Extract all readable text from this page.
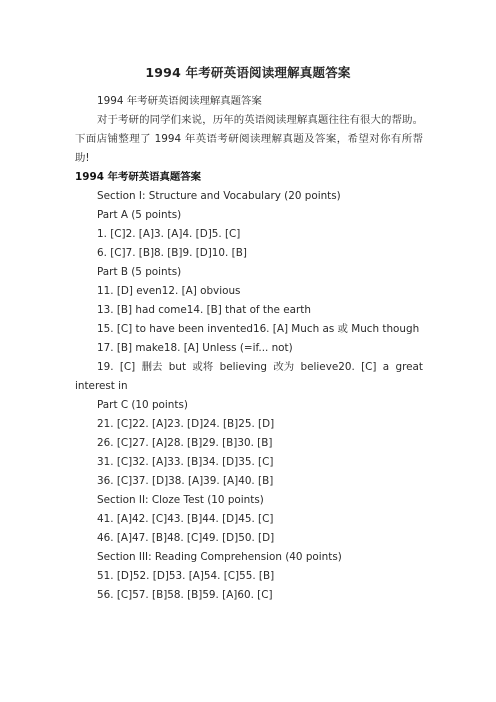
1994 年考研英语阅读理解真题答案
1994 年考研英语阅读理解真题答案

对于考研的同学们来说，历年的英语阅读理解真题往往有很大的帮助。下面店铺整理了 1994 年英语考研阅读理解真题及答案，希望对你有所帮助!

1994 年考研英语真题答案
Section I: Structure and Vocabulary (20 points)
Part A (5 points)
1. [C]2. [A]3. [A]4. [D]5. [C]
6. [C]7. [B]8. [B]9. [D]10. [B]
Part B (5 points)
11. [D] even12. [A] obvious
13. [B] had come14. [B] that of the earth
15. [C] to have been invented16. [A] Much as 或 Much though
17. [B] make18. [A] Unless (=if... not)

19. [C] 删去 but 或将 believing 改为 believe20. [C] a great

interest in
Part C (10 points)
21. [C]22. [A]23. [D]24. [B]25. [D]
26. [C]27. [A]28. [B]29. [B]30. [B]
31. [C]32. [A]33. [B]34. [D]35. [C]
36. [C]37. [D]38. [A]39. [A]40. [B]
Section II: Cloze Test (10 points)
41. [A]42. [C]43. [B]44. [D]45. [C]
46. [A]47. [B]48. [C]49. [D]50. [D]
Section III: Reading Comprehension (40 points)
51. [D]52. [D]53. [A]54. [C]55. [B]
56. [C]57. [B]58. [B]59. [A]60. [C]
